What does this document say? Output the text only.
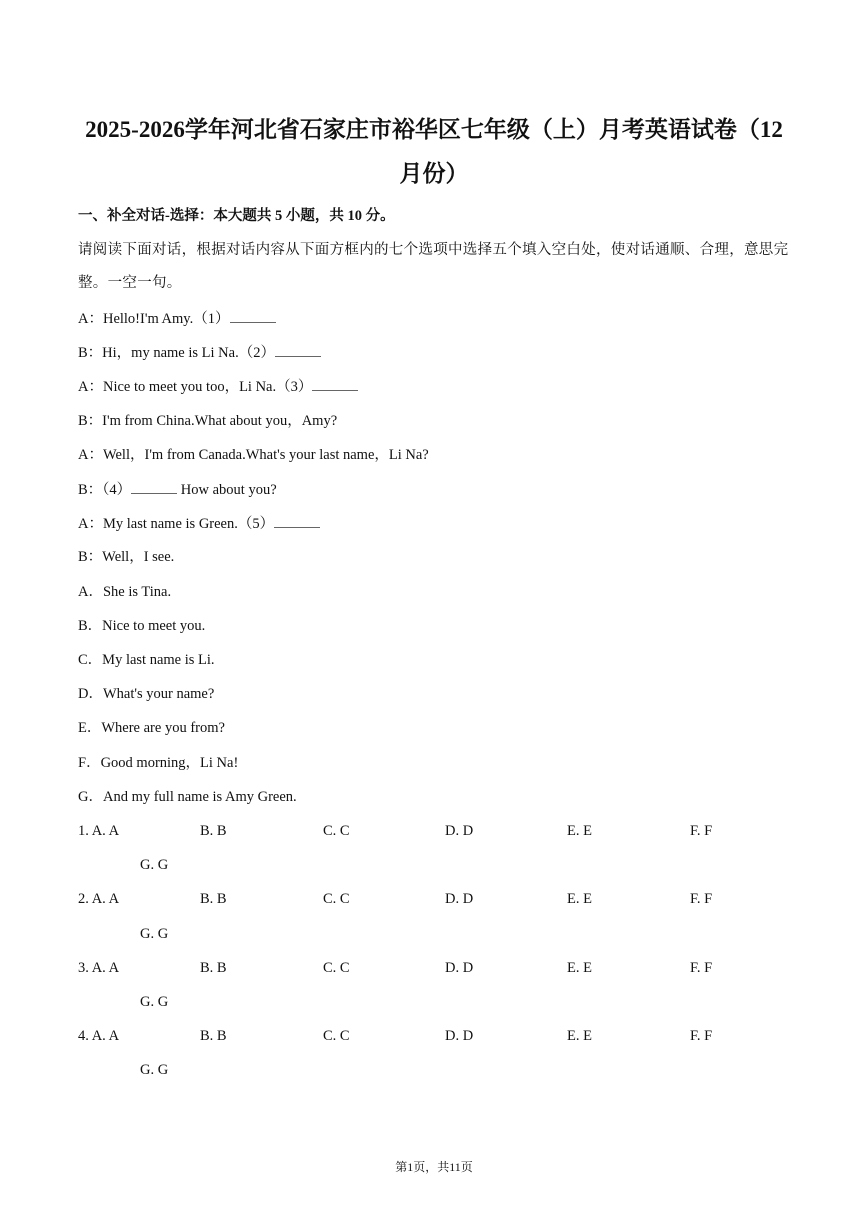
2025-2026学年河北省石家庄市裕华区七年级（上）月考英语试卷（12
月份）

一、补全对话-选择：本大题共 5 小题，共 10 分。

请阅读下面对话，根据对话内容从下面方框内的七个选项中选择五个填入空白处，使对话通顺、合理，意思完整。一空一句。

A：Hello!I'm Amy.（1）

B：Hi，my name is Li Na.（2）

A：Nice to meet you too，Li Na.（3）

B：I'm from China.What about you，Amy?

A：Well，I'm from Canada.What's your last name，Li Na?

B：（4）	How about you?

A：My last name is Green.（5）

B：Well，I see.

A．She is Tina.

B．Nice to meet you.

C．My last name is Li.

D．What's your name?

E．Where are you from?

F．Good morning，Li Na!

G．And my full name is Amy Green.

1. A. A	B. B	C. C	D. D	E. E	F. F
G. G
2. A. A	B. B	C. C	D. D	E. E	F. F
G. G
3. A. A	B. B	C. C	D. D	E. E	F. F
G. G
4. A. A	B. B	C. C	D. D	E. E	F. F
G. G
第1页，共11页
